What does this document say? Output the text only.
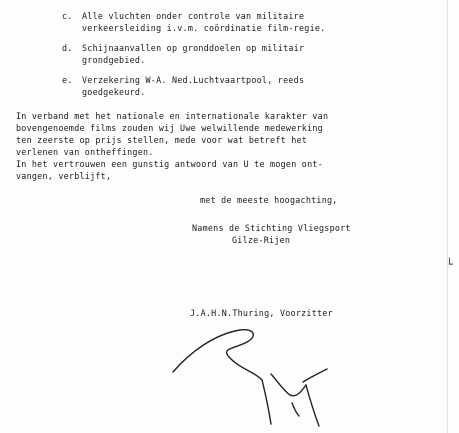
c. Alle vluchten onder controle van militaire
verkeersleiding i.v.m. coördinatie film-regie.
d. Schijnaanvallen op gronddoelen op militair
grondgebied.
e. Verzekering W-A. Ned.Luchtvaartpool, reeds
goedgekeurd.
In verband met het nationale en internationale karakter van
bovengenoemde films zouden wij Uwe welwillende medewerking
ten zeerste op prijs stellen, mede voor wat betreft het
verlenen van ontheffingen.
In het vertrouwen een gunstig antwoord van U te mogen ont-
vangen, verblijft,
met de meeste hoogachting,
Namens de Stichting Vliegsport
Gilze-Rijen
└
J.A.H.N.Thuring, Voorzitter
